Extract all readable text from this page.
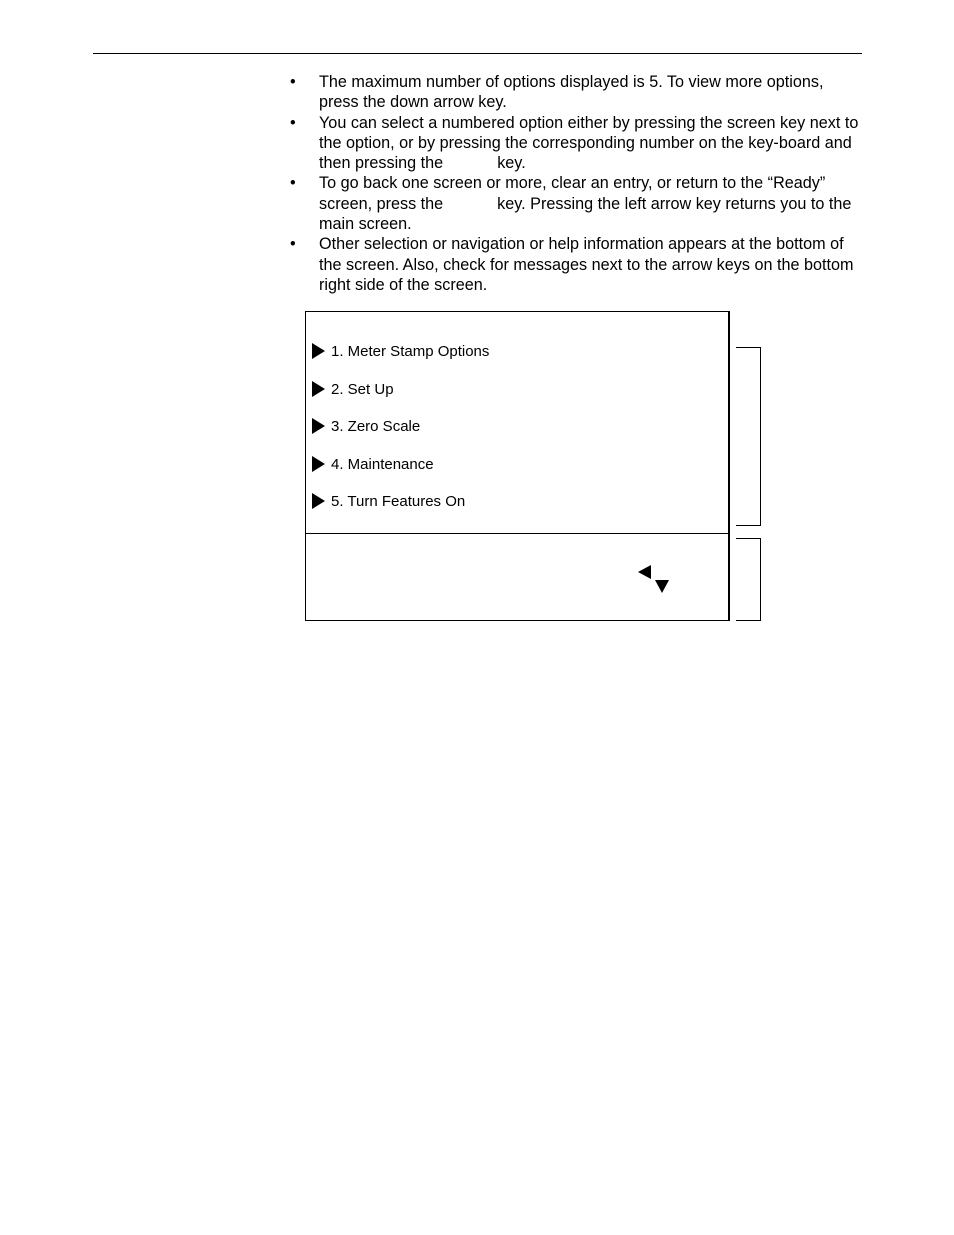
• The maximum number of options displayed is 5. To view more options, press the down arrow key.
• You can select a numbered option either by pressing the screen key next to the option, or by pressing the corresponding number on the key-board and then pressing the	key.
• To go back one screen or more, clear an entry, or return to the “Ready” screen, press the	key. Pressing the left arrow key returns you to the main screen.
• Other selection or navigation or help information appears at the bottom of the screen. Also, check for messages next to the arrow keys on the bottom right side of the screen.
1. Meter Stamp Options
2. Set Up
3. Zero Scale
4. Maintenance
5. Turn Features On
